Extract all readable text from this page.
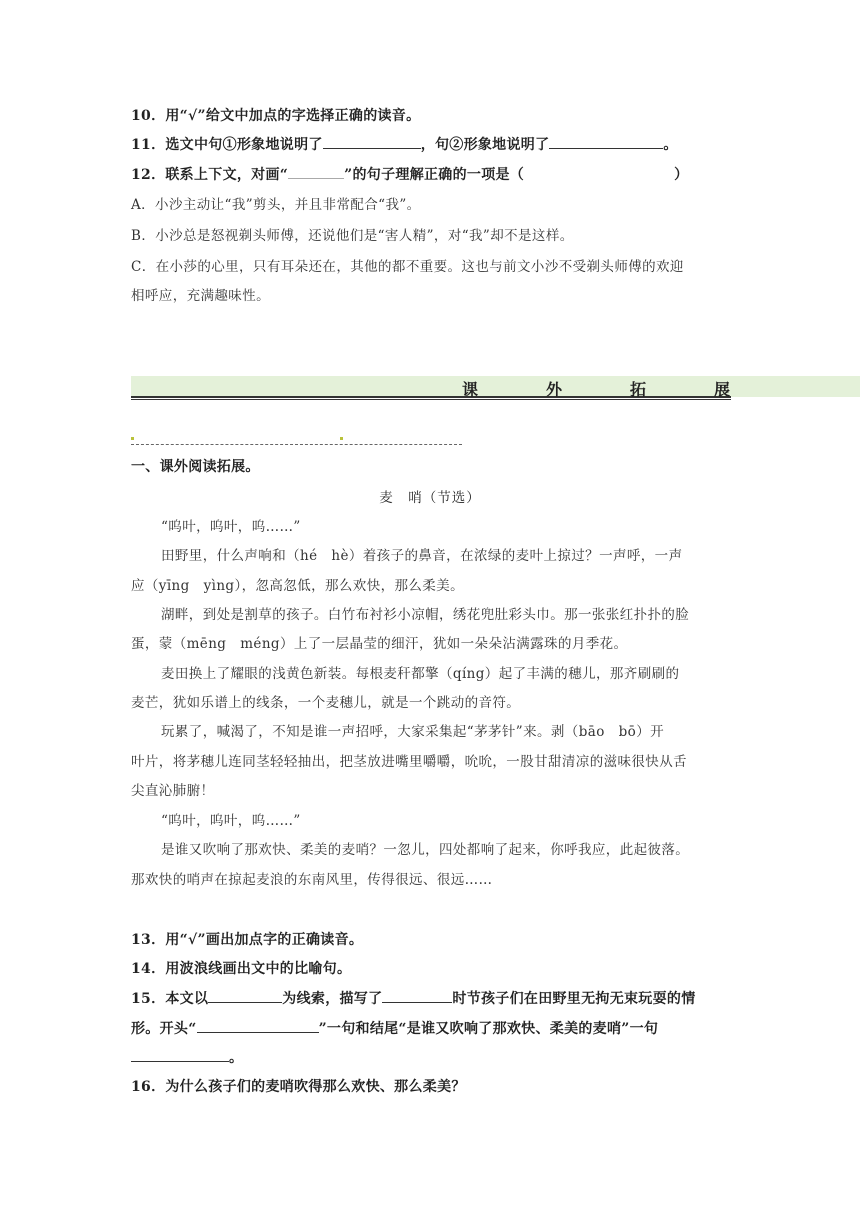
10．用“√”给文中加点的字选择正确的读音。
11．选文中句①形象地说明了	，句②形象地说明了	。
12．联系上下文，对画“	”的句子理解正确的一项是（	）
A．小沙主动让“我”剪头，并且非常配合“我”。
B．小沙总是怒视剃头师傅，还说他们是“害人精”，对“我”却不是这样。
C．在小莎的心里，只有耳朵还在，其他的都不重要。这也与前文小沙不受剃头师傅的欢迎
相呼应，充满趣味性。
课	外	拓	展
一、课外阅读拓展。
麦　哨（节选）
“呜叶，呜叶，呜……”
田野里，什么声响和（hé　hè）着孩子的鼻音，在浓绿的麦叶上掠过？一声呼，一声
应（yīng　yìng），忽高忽低，那么欢快，那么柔美。
湖畔，到处是割草的孩子。白竹布衬衫小凉帽，绣花兜肚彩头巾。那一张张红扑扑的脸
蛋，蒙（mēng　méng）上了一层晶莹的细汗，犹如一朵朵沾满露珠的月季花。
麦田换上了耀眼的浅黄色新装。每根麦秆都擎（qíng）起了丰满的穗儿，那齐刷刷的
麦芒，犹如乐谱上的线条，一个麦穗儿，就是一个跳动的音符。
玩累了，喊渴了，不知是谁一声招呼，大家采集起“茅茅针”来。剥（bāo　bō）开
叶片，将茅穗儿连同茎轻轻抽出，把茎放进嘴里嚼嚼，吮吮，一股甘甜清凉的滋味很快从舌
尖直沁肺腑！
“呜叶，呜叶，呜……”
是谁又吹响了那欢快、柔美的麦哨？一忽儿，四处都响了起来，你呼我应，此起彼落。
那欢快的哨声在掠起麦浪的东南风里，传得很远、很远……
13．用“√”画出加点字的正确读音。
14．用波浪线画出文中的比喻句。
15．本文以	为线索，描写了	时节孩子们在田野里无拘无束玩耍的情
形。开头“	”一句和结尾“是谁又吹响了那欢快、柔美的麦哨”一句
。
16．为什么孩子们的麦哨吹得那么欢快、那么柔美？
